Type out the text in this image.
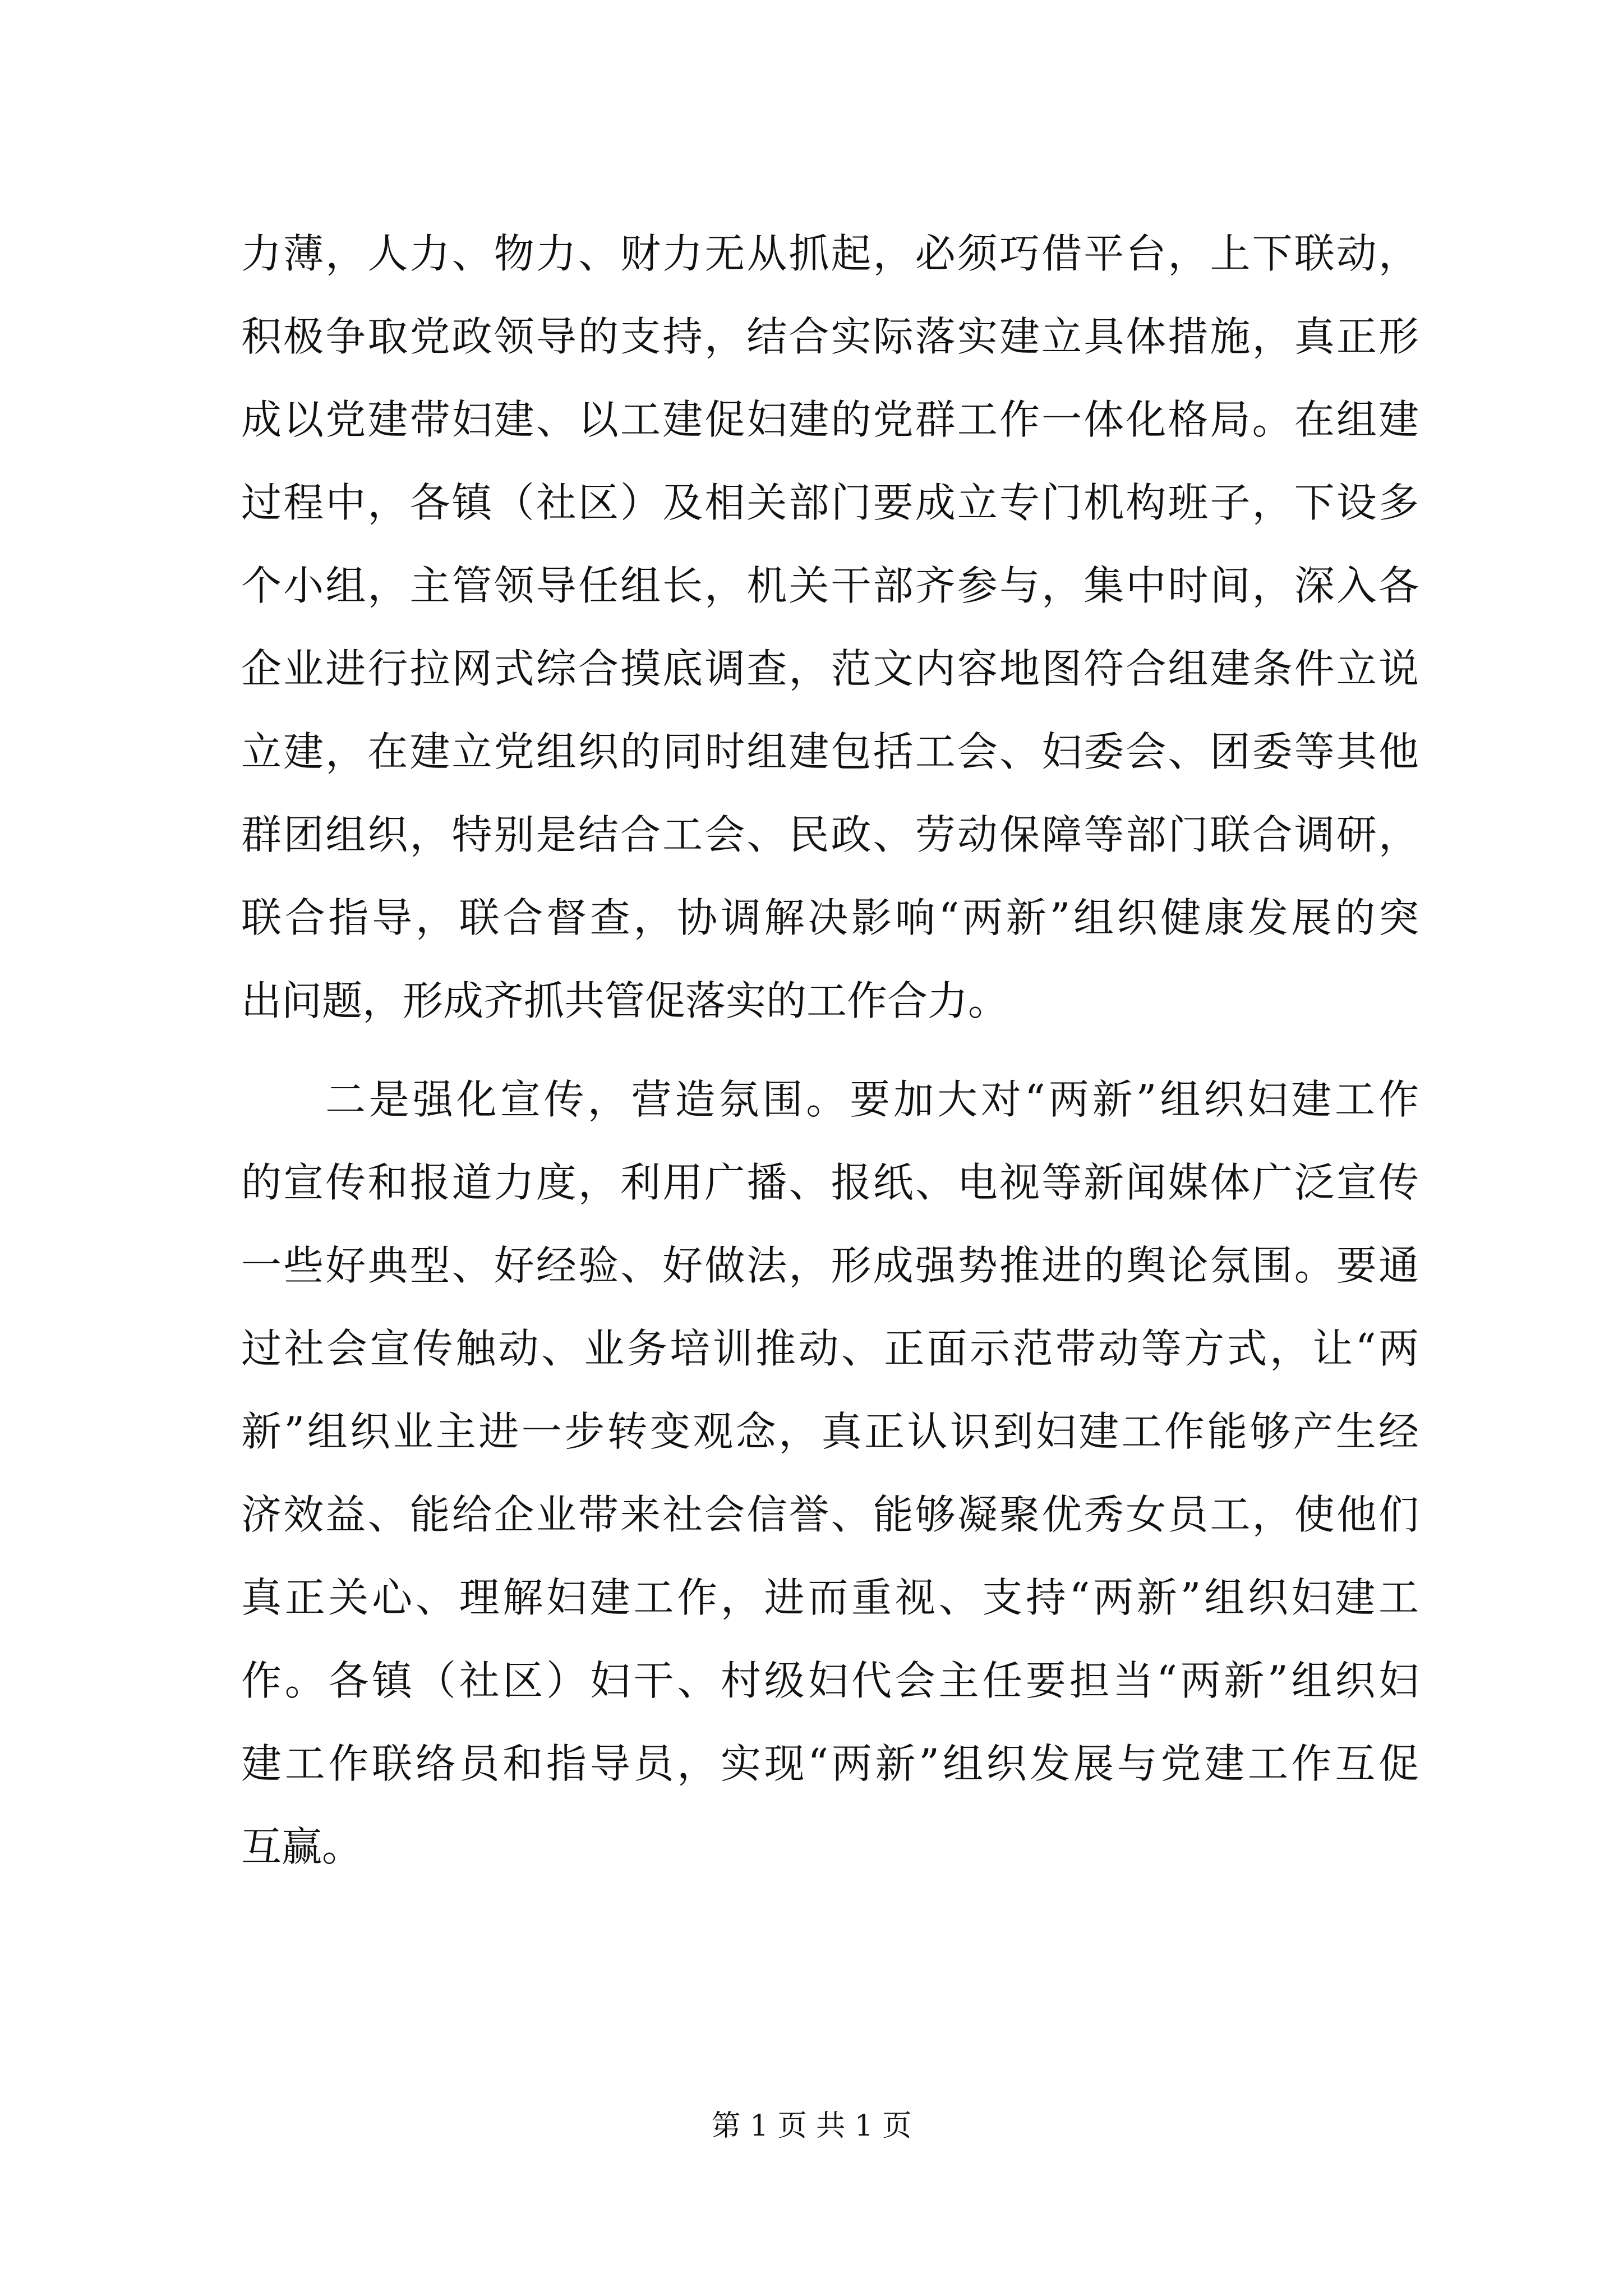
力薄，人力、物力、财力无从抓起，必须巧借平台，上下联动，
积极争取党政领导的支持，结合实际落实建立具体措施，真正形
成以党建带妇建、以工建促妇建的党群工作一体化格局。在组建
过程中，各镇（社区）及相关部门要成立专门机构班子，下设多
个小组，主管领导任组长，机关干部齐参与，集中时间，深入各
企业进行拉网式综合摸底调查，范文内容地图符合组建条件立说
立建，在建立党组织的同时组建包括工会、妇委会、团委等其他
群团组织，特别是结合工会、民政、劳动保障等部门联合调研，
联合指导，联合督查，协调解决影响“两新”组织健康发展的突
出问题，形成齐抓共管促落实的工作合力。
二是强化宣传，营造氛围。要加大对“两新”组织妇建工作
的宣传和报道力度，利用广播、报纸、电视等新闻媒体广泛宣传
一些好典型、好经验、好做法，形成强势推进的舆论氛围。要通
过社会宣传触动、业务培训推动、正面示范带动等方式，让“两
新”组织业主进一步转变观念，真正认识到妇建工作能够产生经
济效益、能给企业带来社会信誉、能够凝聚优秀女员工，使他们
真正关心、理解妇建工作，进而重视、支持“两新”组织妇建工
作。各镇（社区）妇干、村级妇代会主任要担当“两新”组织妇
建工作联络员和指导员，实现“两新”组织发展与党建工作互促
互赢。
第 1 页 共 1 页
